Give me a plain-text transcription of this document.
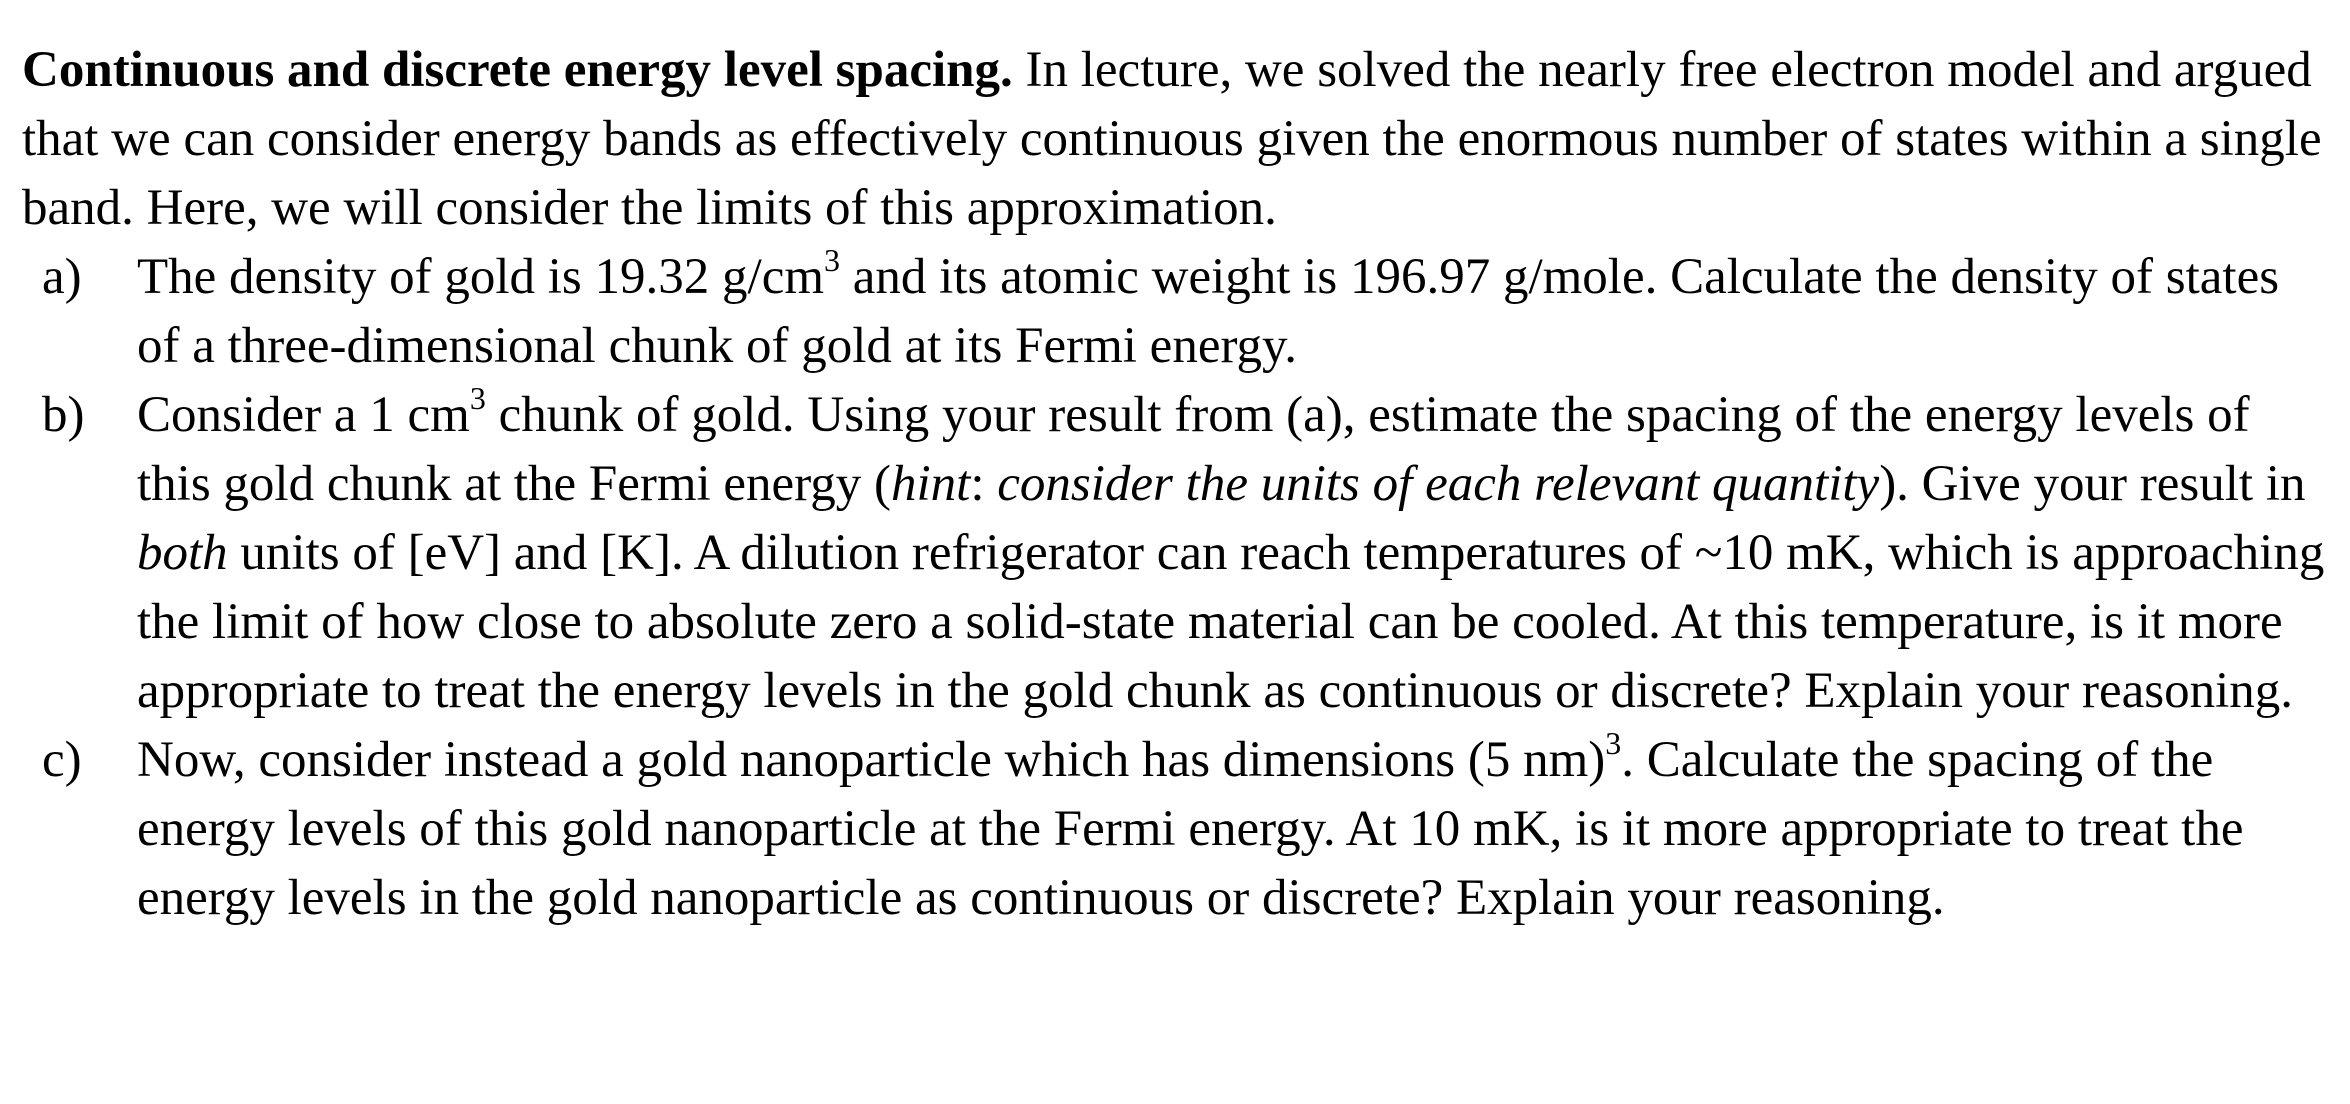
Continuous and discrete energy level spacing. In lecture, we solved the nearly free electron model and argued that we can consider energy bands as effectively continuous given the enormous number of states within a single band. Here, we will consider the limits of this approximation.

a) The density of gold is 19.32 $g/cm^3$ and its atomic weight is 196.97 g/mole. Calculate the density of states of a three-dimensional chunk of gold at its Fermi energy.
b) Consider a 1 $cm^3$ chunk of gold. Using your result from (a), estimate the spacing of the energy levels of this gold chunk at the Fermi energy (hint: consider the units of each relevant quantity). Give your result in both units of [eV] and [K]. A dilution refrigerator can reach temperatures of ~10 mK, which is approaching the limit of how close to absolute zero a solid-state material can be cooled. At this temperature, is it more appropriate to treat the energy levels in the gold chunk as continuous or discrete? Explain your reasoning.
c) Now, consider instead a gold nanoparticle which has dimensions (5 nm)$^3$. Calculate the spacing of the energy levels of this gold nanoparticle at the Fermi energy. At 10 mK, is it more appropriate to treat the energy levels in the gold nanoparticle as continuous or discrete? Explain your reasoning.
